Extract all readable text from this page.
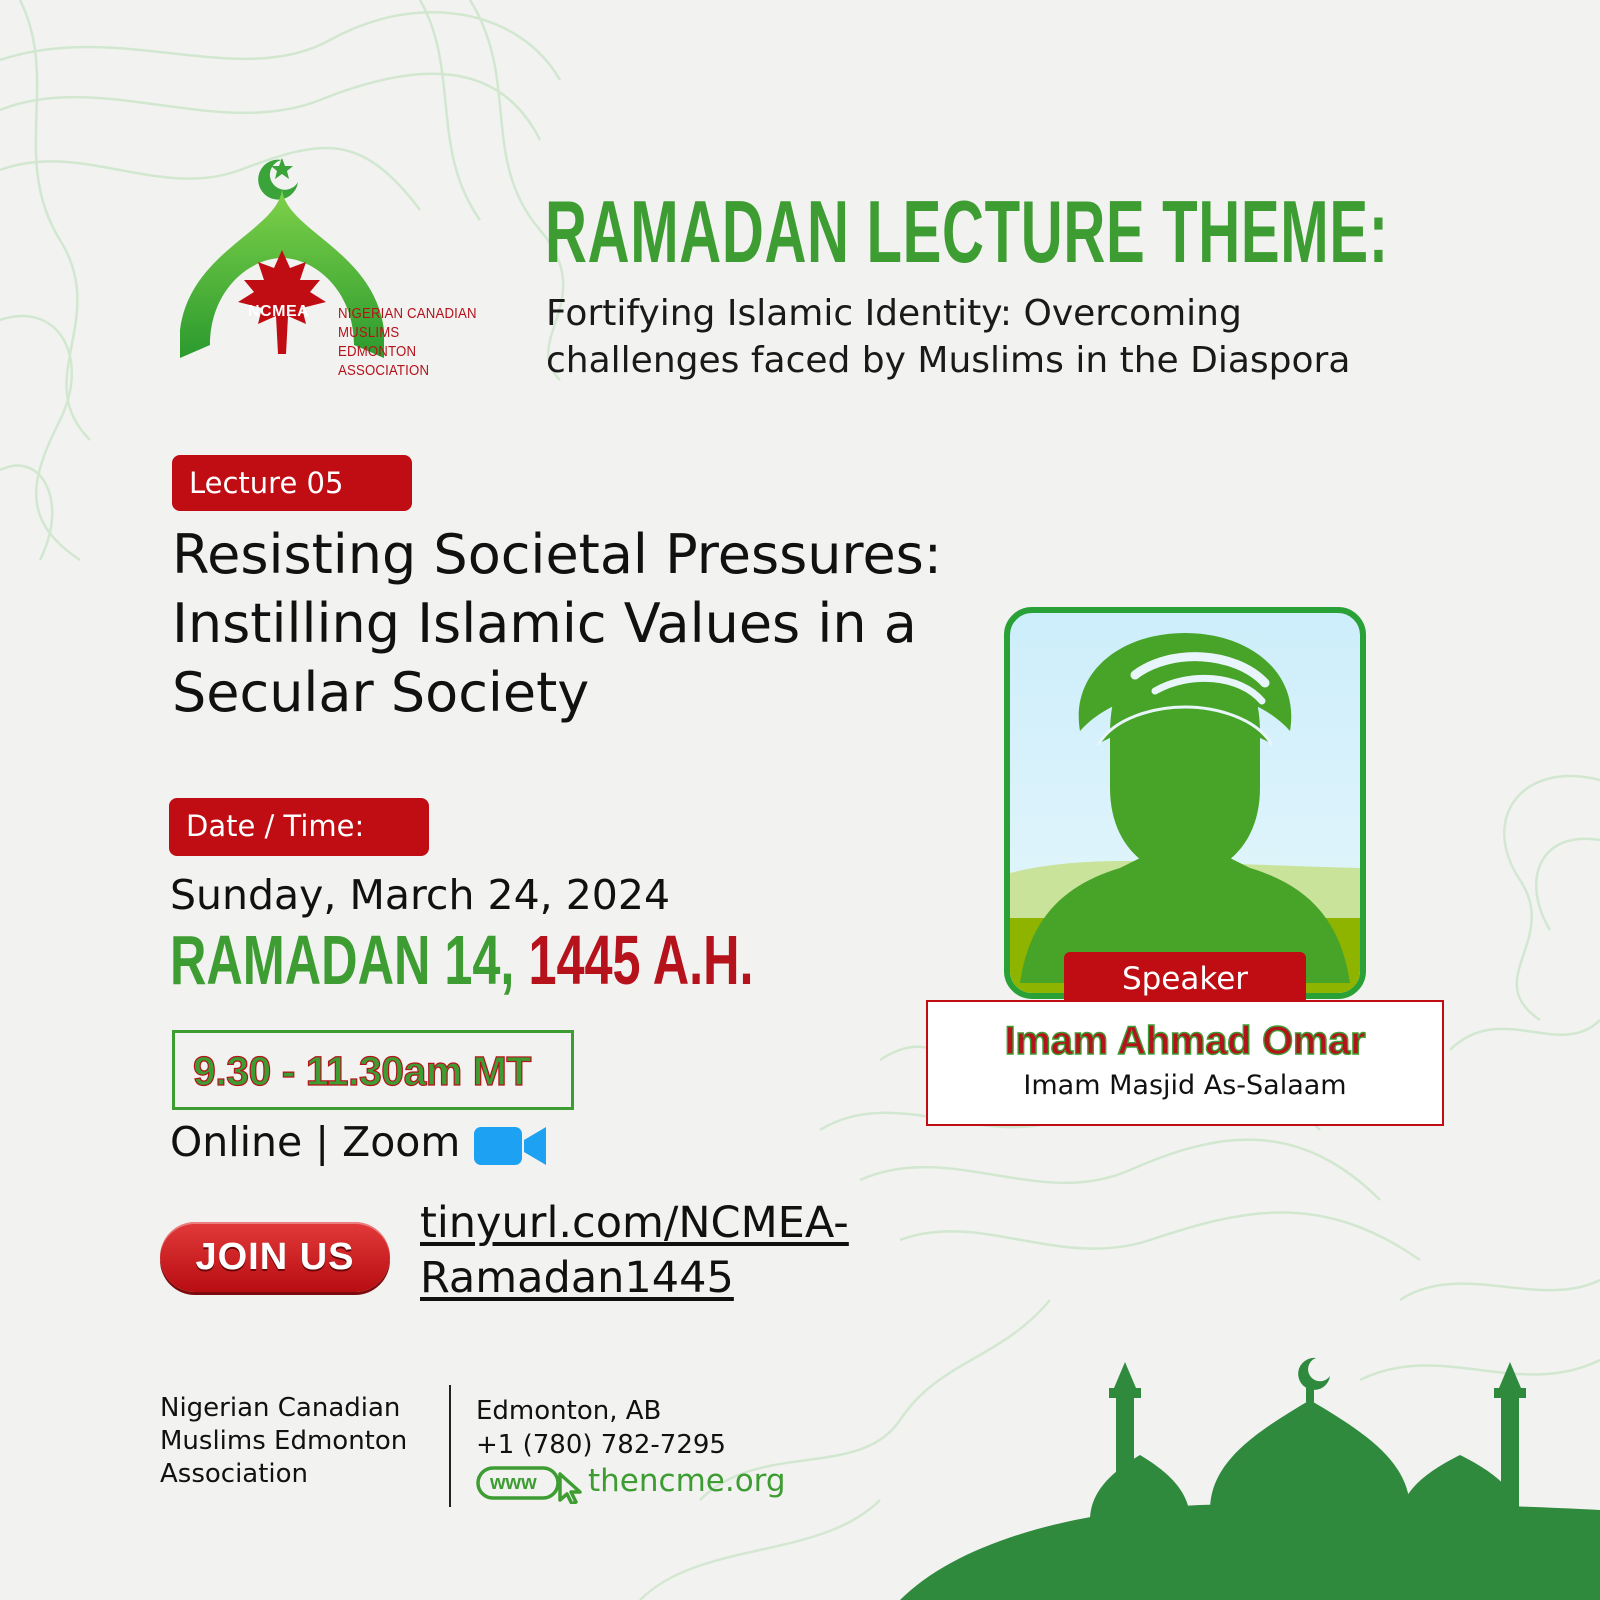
NCMEA NIGERIAN CANADIAN
MUSLIMS EDMONTON
ASSOCIATION
RAMADAN LECTURE THEME:
Fortifying Islamic Identity: Overcoming challenges faced by Muslims in the Diaspora
Lecture 05
Resisting Societal Pressures: Instilling Islamic Values in a Secular Society
Date / Time:
Sunday, March 24, 2024
RAMADAN 14, 1445 A.H.
9.30 - 11.30am MT
Online | Zoom
JOIN US
tinyurl.com/NCMEA-
Ramadan1445
Speaker
Imam Ahmad Omar
Imam Masjid As-Salaam
Nigerian Canadian Muslims Edmonton Association
Edmonton, AB
+1 (780) 782-7295
www thencme.org
